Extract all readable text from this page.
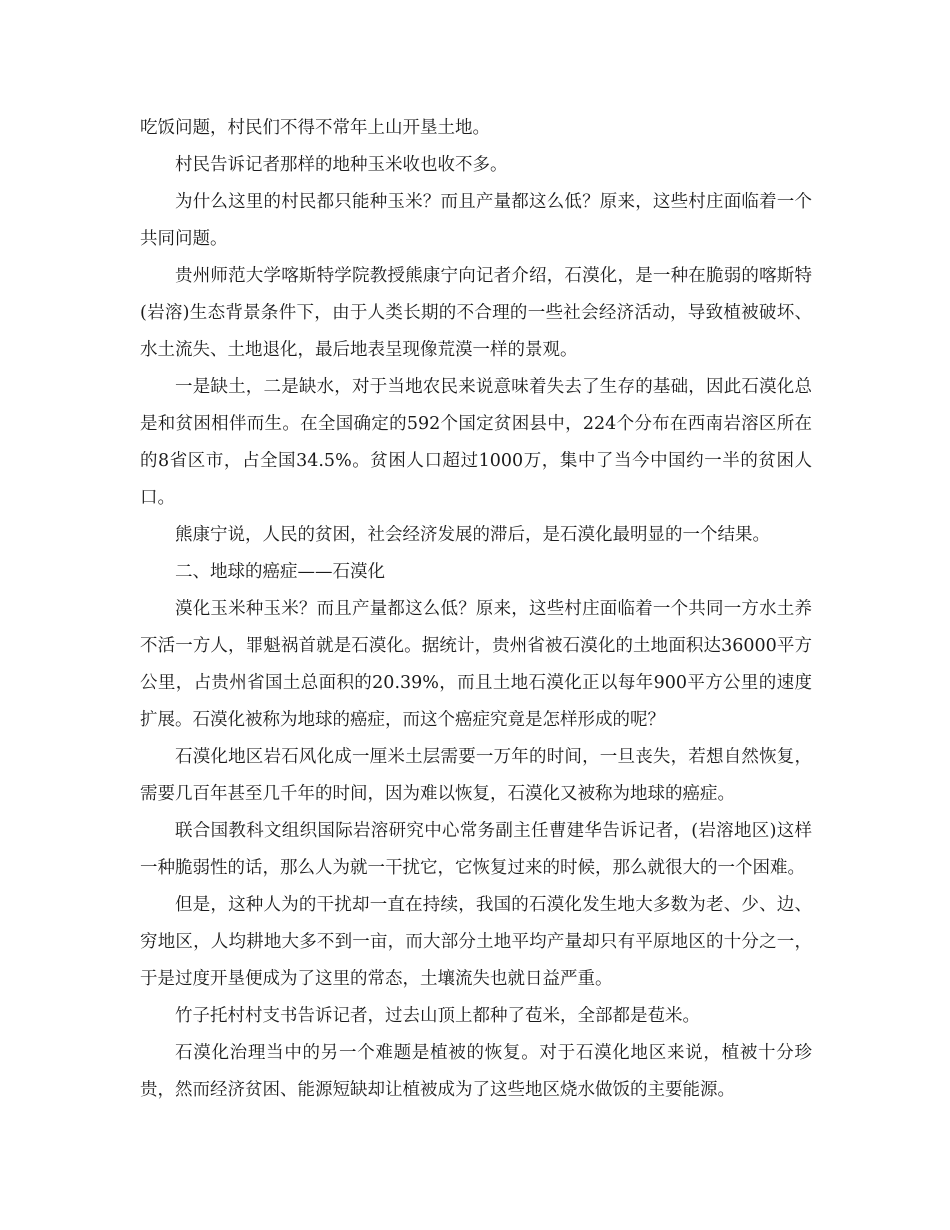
吃饭问题，村民们不得不常年上山开垦土地。

村民告诉记者那样的地种玉米收也收不多。

为什么这里的村民都只能种玉米？而且产量都这么低？原来，这些村庄面临着一个共同问题。

贵州师范大学喀斯特学院教授熊康宁向记者介绍，石漠化，是一种在脆弱的喀斯特(岩溶)生态背景条件下，由于人类长期的不合理的一些社会经济活动，导致植被破坏、水土流失、土地退化，最后地表呈现像荒漠一样的景观。

一是缺土，二是缺水，对于当地农民来说意味着失去了生存的基础，因此石漠化总是和贫困相伴而生。在全国确定的592个国定贫困县中，224个分布在西南岩溶区所在的8省区市，占全国34.5%。贫困人口超过1000万，集中了当今中国约一半的贫困人口。

熊康宁说，人民的贫困，社会经济发展的滞后，是石漠化最明显的一个结果。

二、地球的癌症——石漠化

漠化玉米种玉米？而且产量都这么低？原来，这些村庄面临着一个共同一方水土养不活一方人，罪魁祸首就是石漠化。据统计，贵州省被石漠化的土地面积达36000平方公里，占贵州省国土总面积的20.39%，而且土地石漠化正以每年900平方公里的速度扩展。石漠化被称为地球的癌症，而这个癌症究竟是怎样形成的呢？

石漠化地区岩石风化成一厘米土层需要一万年的时间，一旦丧失，若想自然恢复，需要几百年甚至几千年的时间，因为难以恢复，石漠化又被称为地球的癌症。

联合国教科文组织国际岩溶研究中心常务副主任曹建华告诉记者，(岩溶地区)这样一种脆弱性的话，那么人为就一干扰它，它恢复过来的时候，那么就很大的一个困难。

但是，这种人为的干扰却一直在持续，我国的石漠化发生地大多数为老、少、边、穷地区，人均耕地大多不到一亩，而大部分土地平均产量却只有平原地区的十分之一，于是过度开垦便成为了这里的常态，土壤流失也就日益严重。

竹子托村村支书告诉记者，过去山顶上都种了苞米，全部都是苞米。

石漠化治理当中的另一个难题是植被的恢复。对于石漠化地区来说，植被十分珍贵，然而经济贫困、能源短缺却让植被成为了这些地区烧水做饭的主要能源。
